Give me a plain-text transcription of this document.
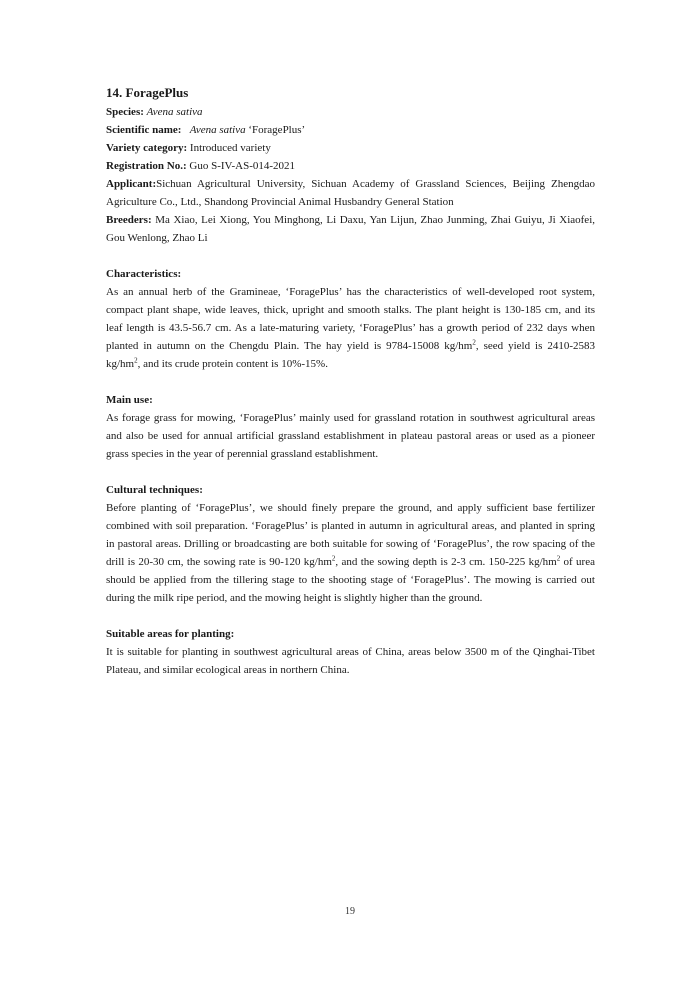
14. ForagePlus

Species: Avena sativa

Scientific name: Avena sativa ‘ForagePlus’

Variety category: Introduced variety

Registration No.: Guo S-IV-AS-014-2021

Applicant:Sichuan Agricultural University, Sichuan Academy of Grassland Sciences, Beijing Zhengdao Agriculture Co., Ltd., Shandong Provincial Animal Husbandry General Station

Breeders: Ma Xiao, Lei Xiong, You Minghong, Li Daxu, Yan Lijun, Zhao Junming, Zhai Guiyu, Ji Xiaofei, Gou Wenlong, Zhao Li

Characteristics:

As an annual herb of the Gramineae, ‘ForagePlus’ has the characteristics of well-developed root system, compact plant shape, wide leaves, thick, upright and smooth stalks. The plant height is 130-185 cm, and its leaf length is 43.5-56.7 cm. As a late-maturing variety, ‘ForagePlus’ has a growth period of 232 days when planted in autumn on the Chengdu Plain. The hay yield is 9784-15008 $kg/hm^2$, seed yield is 2410-2583 $kg/hm^2$, and its crude protein content is 10%-15%.

Main use:

As forage grass for mowing, ‘ForagePlus’ mainly used for grassland rotation in southwest agricultural areas and also be used for annual artificial grassland establishment in plateau pastoral areas or used as a pioneer grass species in the year of perennial grassland establishment.

Cultural techniques:

Before planting of ‘ForagePlus’, we should finely prepare the ground, and apply sufficient base fertilizer combined with soil preparation. ‘ForagePlus’ is planted in autumn in agricultural areas, and planted in spring in pastoral areas. Drilling or broadcasting are both suitable for sowing of ‘ForagePlus’, the row spacing of the drill is 20-30 cm, the sowing rate is 90-120 $kg/hm^2$, and the sowing depth is 2-3 cm. 150-225 $kg/hm^2$ of urea should be applied from the tillering stage to the shooting stage of ‘ForagePlus’. The mowing is carried out during the milk ripe period, and the mowing height is slightly higher than the ground.

Suitable areas for planting:

It is suitable for planting in southwest agricultural areas of China, areas below 3500 m of the Qinghai-Tibet Plateau, and similar ecological areas in northern China.

19
